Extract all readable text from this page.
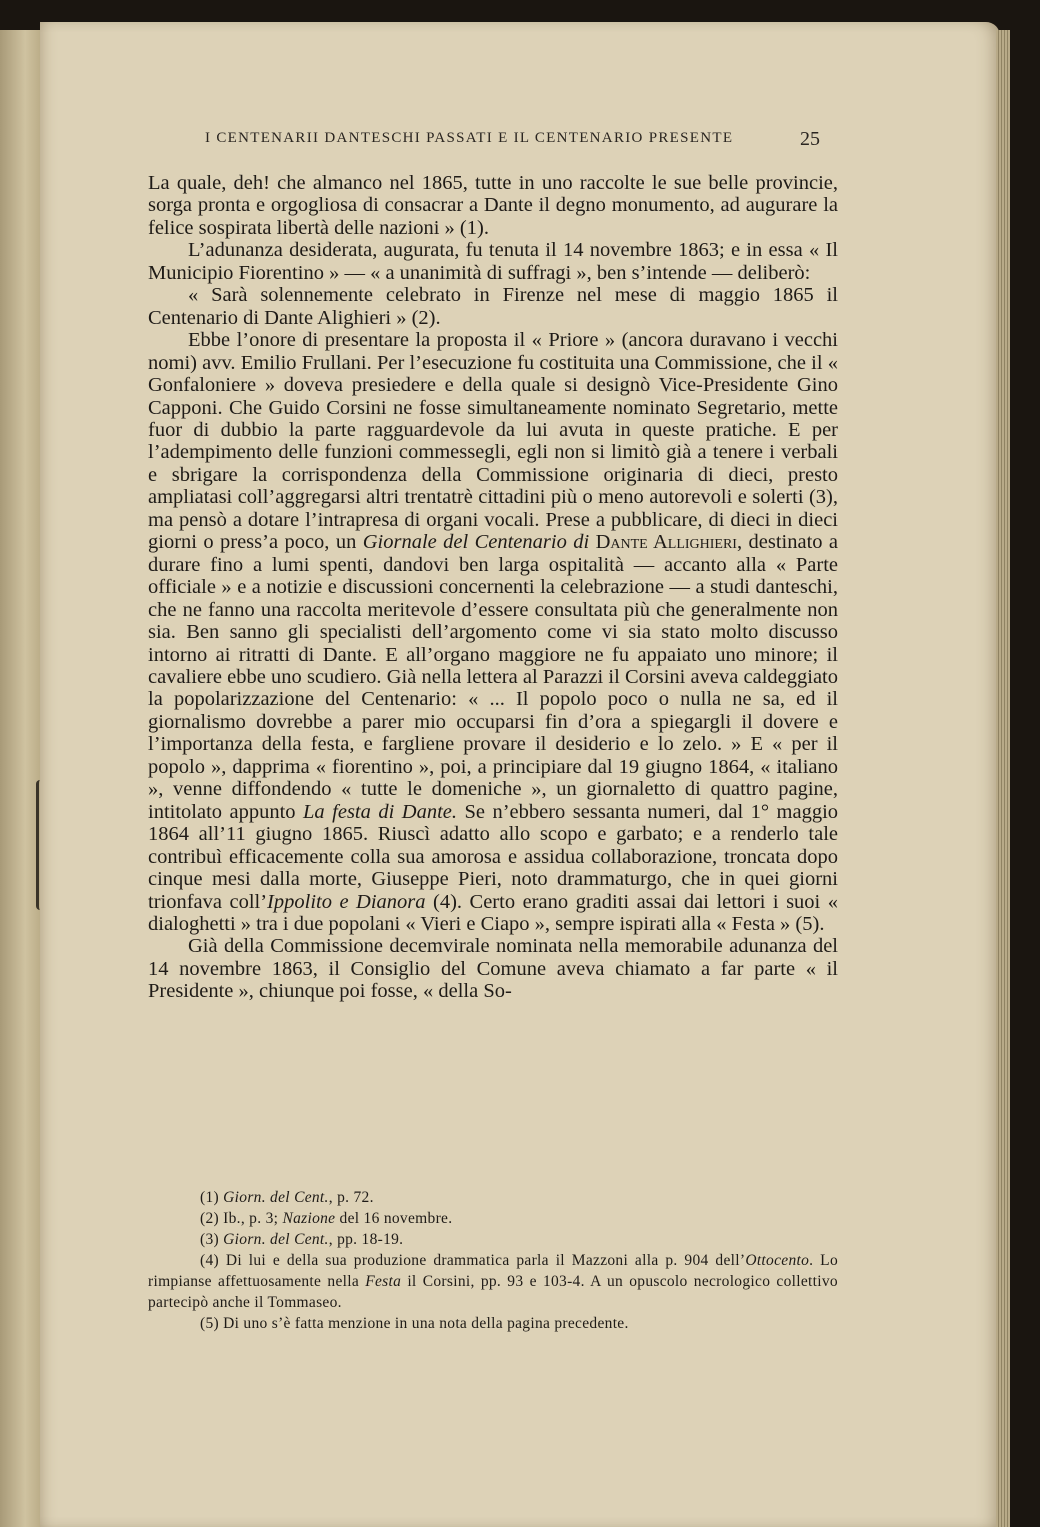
I CENTENARII DANTESCHI PASSATI E IL CENTENARIO PRESENTE	25

La quale, deh! che almanco nel 1865, tutte in uno raccolte le sue belle provincie, sorga pronta e orgogliosa di consacrar a Dante il degno monumento, ad augurare la felice sospirata libertà delle nazioni » (1).

L’adunanza desiderata, augurata, fu tenuta il 14 novembre 1863; e in essa « Il Municipio Fiorentino » — « a unanimità di suffragi », ben s’intende — deliberò:

« Sarà solennemente celebrato in Firenze nel mese di maggio 1865 il Centenario di Dante Alighieri » (2).

Ebbe l’onore di presentare la proposta il « Priore » (ancora duravano i vecchi nomi) avv. Emilio Frullani. Per l’esecuzione fu costituita una Commissione, che il « Gonfaloniere » doveva presiedere e della quale si designò Vice-Presidente Gino Capponi. Che Guido Corsini ne fosse simultaneamente nominato Segretario, mette fuor di dubbio la parte ragguardevole da lui avuta in queste pratiche. E per l’adempimento delle funzioni commessegli, egli non si limitò già a tenere i verbali e sbrigare la corrispondenza della Commissione originaria di dieci, presto ampliatasi coll’aggregarsi altri trentatrè cittadini più o meno autorevoli e solerti (3), ma pensò a dotare l’intrapresa di organi vocali. Prese a pubblicare, di dieci in dieci giorni o press’a poco, un Giornale del Centenario di Dante Allighieri, destinato a durare fino a lumi spenti, dandovi ben larga ospitalità — accanto alla « Parte officiale » e a notizie e discussioni concernenti la celebrazione — a studi danteschi, che ne fanno una raccolta meritevole d’essere consultata più che generalmente non sia. Ben sanno gli specialisti dell’argomento come vi sia stato molto discusso intorno ai ritratti di Dante. E all’organo maggiore ne fu appaiato uno minore; il cavaliere ebbe uno scudiero. Già nella lettera al Parazzi il Corsini aveva caldeggiato la popolarizzazione del Centenario: « ... Il popolo poco o nulla ne sa, ed il giornalismo dovrebbe a parer mio occuparsi fin d’ora a spiegargli il dovere e l’importanza della festa, e fargliene provare il desiderio e lo zelo. » E « per il popolo », dapprima « fiorentino », poi, a principiare dal 19 giugno 1864, « italiano », venne diffondendo « tutte le domeniche », un giornaletto di quattro pagine, intitolato appunto La festa di Dante. Se n’ebbero sessanta numeri, dal 1° maggio 1864 all’11 giugno 1865. Riuscì adatto allo scopo e garbato; e a renderlo tale contribuì efficacemente colla sua amorosa e assidua collaborazione, troncata dopo cinque mesi dalla morte, Giuseppe Pieri, noto drammaturgo, che in quei giorni trionfava coll’Ippolito e Dianora (4). Certo erano graditi assai dai lettori i suoi « dialoghetti » tra i due popolani « Vieri e Ciapo », sempre ispirati alla « Festa » (5).

Già della Commissione decemvirale nominata nella memorabile adunanza del 14 novembre 1863, il Consiglio del Comune aveva chiamato a far parte « il Presidente », chiunque poi fosse, « della So-

(1) Giorn. del Cent., p. 72.

(2) Ib., p. 3; Nazione del 16 novembre.

(3) Giorn. del Cent., pp. 18-19.

(4) Di lui e della sua produzione drammatica parla il Mazzoni alla p. 904 dell’Ottocento. Lo rimpianse affettuosamente nella Festa il Corsini, pp. 93 e 103-4. A un opuscolo necrologico collettivo partecipò anche il Tommaseo.

(5) Di uno s’è fatta menzione in una nota della pagina precedente.
